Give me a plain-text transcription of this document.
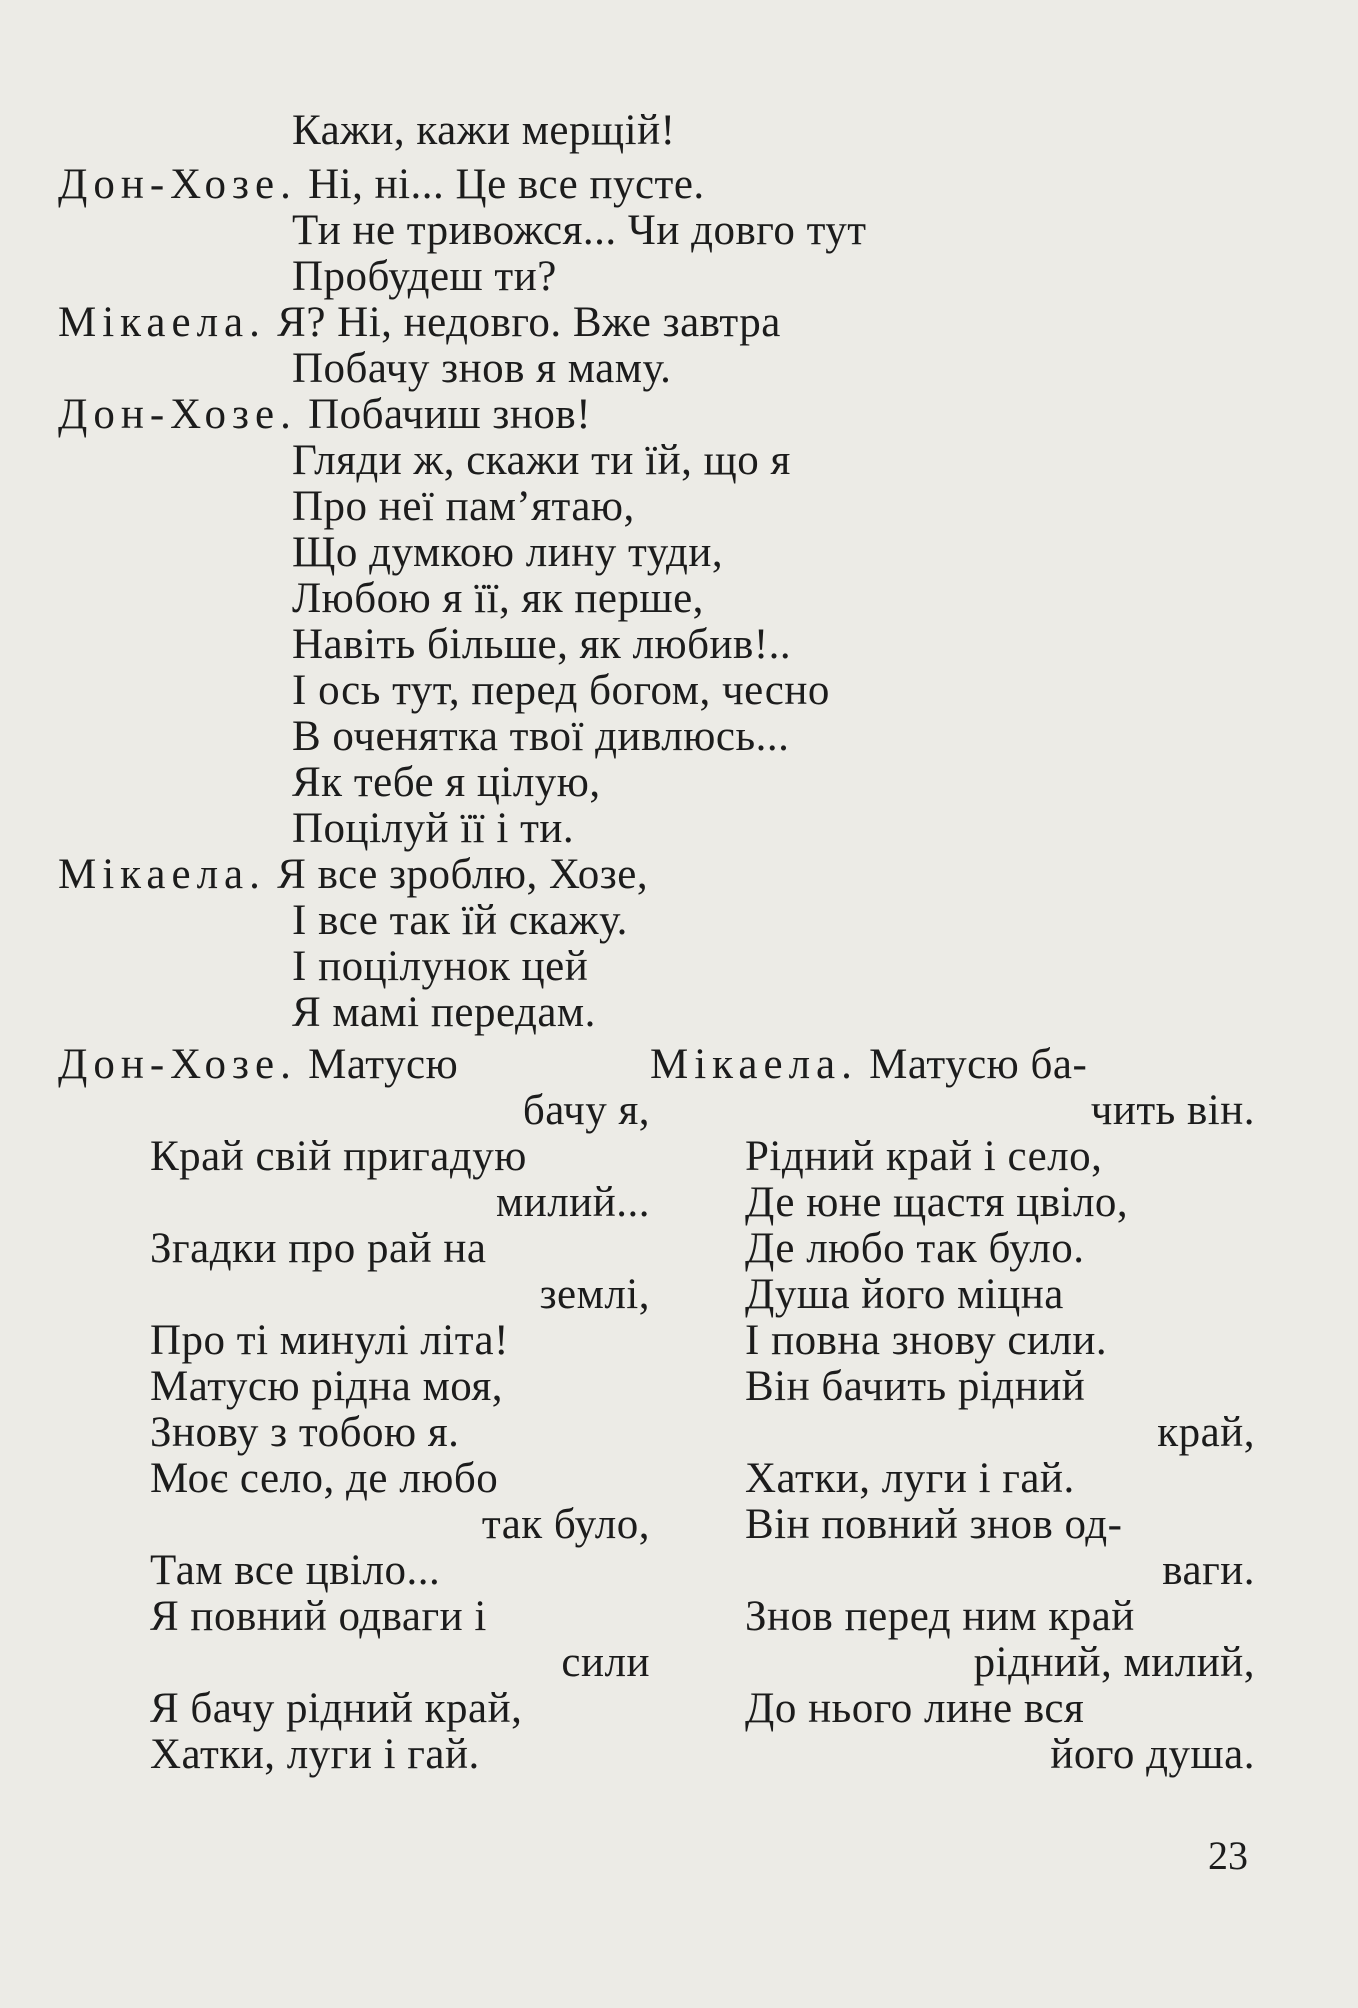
Кажи, кажи мерщій!
Дон-Хозе. Ні, ні... Це все пусте.
Ти не тривожся... Чи довго тут
Пробудеш ти?
Мікаела. Я? Ні, недовго. Вже завтра
Побачу знов я маму.
Дон-Хозе. Побачиш знов!
Гляди ж, скажи ти їй, що я
Про неї пам’ятаю,
Що думкою лину туди,
Любою я її, як перше,
Навіть більше, як любив!..
І ось тут, перед богом, чесно
В оченятка твої дивлюсь...
Як тебе я цілую,
Поцілуй її і ти.
Мікаела. Я все зроблю, Хозе,
І все так їй скажу.
І поцілунок цей
Я мамі передам.
Дон-Хозе. Матусю
бачу я,
Край свій пригадую
милий...
Згадки про рай на
землі,
Про ті минулі літа!
Матусю рідна моя,
Знову з тобою я.
Моє село, де любо
так було,
Там все цвіло...
Я повний одваги і
сили
Я бачу рідний край,
Хатки, луги і гай.
Мікаела. Матусю ба-
чить він.
Рідний край і село,
Де юне щастя цвіло,
Де любо так було.
Душа його міцна
І повна знову сили.
Він бачить рідний
край,
Хатки, луги і гай.
Він повний знов од-
ваги.
Знов перед ним край
рідний, милий,
До нього лине вся
його душа.
23
